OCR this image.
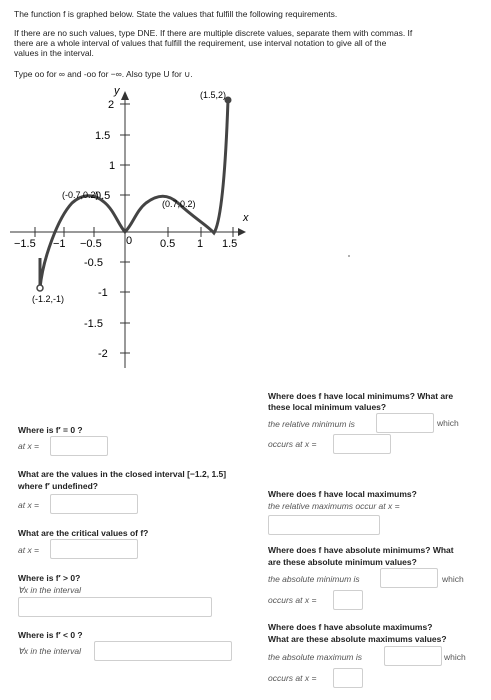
The function f is graphed below. State the values that fulfill the following requirements.
If there are no such values, type DNE. If there are multiple discrete values, separate them with commas. If
there are a whole interval of values that fulfill the requirement, use interval notation to give all of the
values in the interval.
Type oo for ∞ and -oo for −∞. Also type U for ∪.
y
x
2
1.5
1
0.5
-0.5
-1
-1.5
-2
−1.5 −1 −0.5 0	0.5 1 1.5
(1.5,2)
(-0.7,0.2)
(0.7,0.2)
(-1.2,-1)
Where is f′ = 0 ?
at x =
What are the values in the closed interval [−1.2, 1.5]
where f′ undefined?
at x =
What are the critical values of f?
at x =
Where is f′ > 0?
∀x in the interval
Where is f′ < 0 ?
∀x in the interval
Where does f have local minimums? What are
these local minimum values?
the relative minimum is	which
occurs at x =
Where does f have local maximums?
the relative maximums occur at x =
Where does f have absolute minimums? What
are these absolute minimum values?
the absolute minimum is	which
occurs at x =
Where does f have absolute maximums?
What are these absolute maximums values?
the absolute maximum is	which
occurs at x =
